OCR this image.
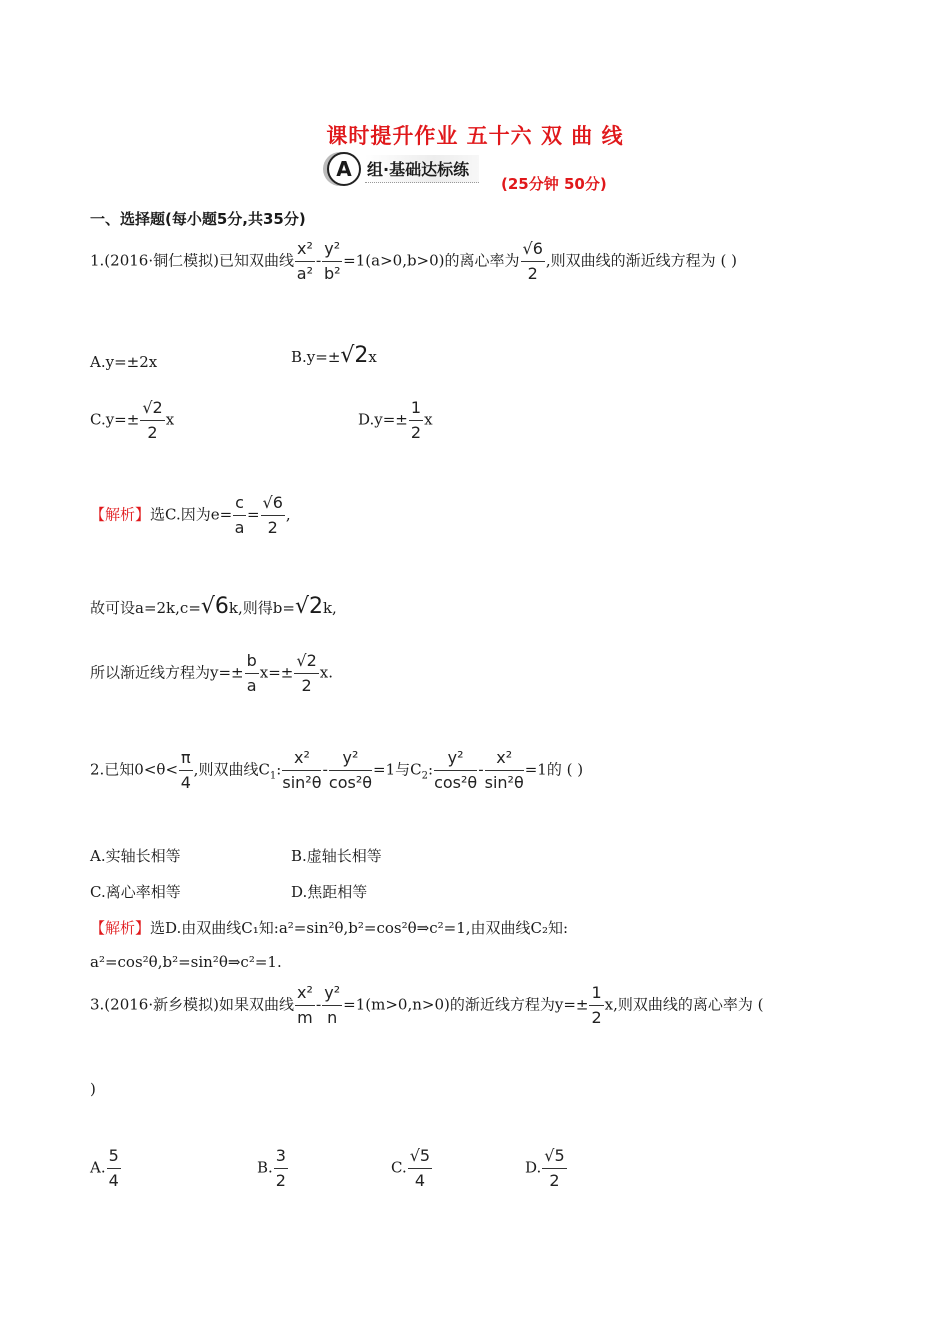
课时提升作业 五十六 双 曲 线
A 组·基础达标练
(25分钟 50分)
一、选择题(每小题5分,共35分)
1.(2016·铜仁模拟)已知双曲线 $\frac{\text{x²}}{\text{a²}} - \frac{\text{y²}}{\text{b²}} =1(a>0,b>0)$的离心率为 $\frac{√6}{2}$ ,则双曲线的渐近线方程为 ( )
A.y=±2x	B.y=±√2x
$C.y=\pm \frac{√2}{2}$ x	$D.y=\pm \frac{1}{2}$ x
【解析】选C.因为$e= \frac{c}{a} = \frac{√6}{2}$ ,
故可设a=2k,c=√6k,则得b=√2k,
所以渐近线方程为$y=\pm \frac{b}{a} x=\pm \frac{√2}{2} x$.
2.已知$0<\theta< \frac{\pi}{4}$ ,则双曲线$C_1$: $\frac{\text{x²}}{\text{sin²θ}} - \frac{\text{y²}}{\text{cos²θ}} =1$与$C_2$: $\frac{\text{y²}}{\text{cos²θ}} - \frac{\text{x²}}{\text{sin²θ}} =1$的 ( )
A.实轴长相等	B.虚轴长相等
C.离心率相等	D.焦距相等
【解析】选D.由双曲线C₁知:a²=sin²θ,b²=cos²θ⇒c²=1,由双曲线C₂知:
a²=cos²θ,b²=sin²θ⇒c²=1.
3.(2016·新乡模拟)如果双曲线 $\frac{\text{x²}}{m} - \frac{\text{y²}}{n} =1(m>0,n>0)$的渐近线方程为$y=\pm \frac{1}{2} x$,则双曲线的离心率为 (
)
A. $\frac{5}{4}$	B. $\frac{3}{2}$	C. $\frac{√5}{4}$	D. $\frac{√5}{2}$
